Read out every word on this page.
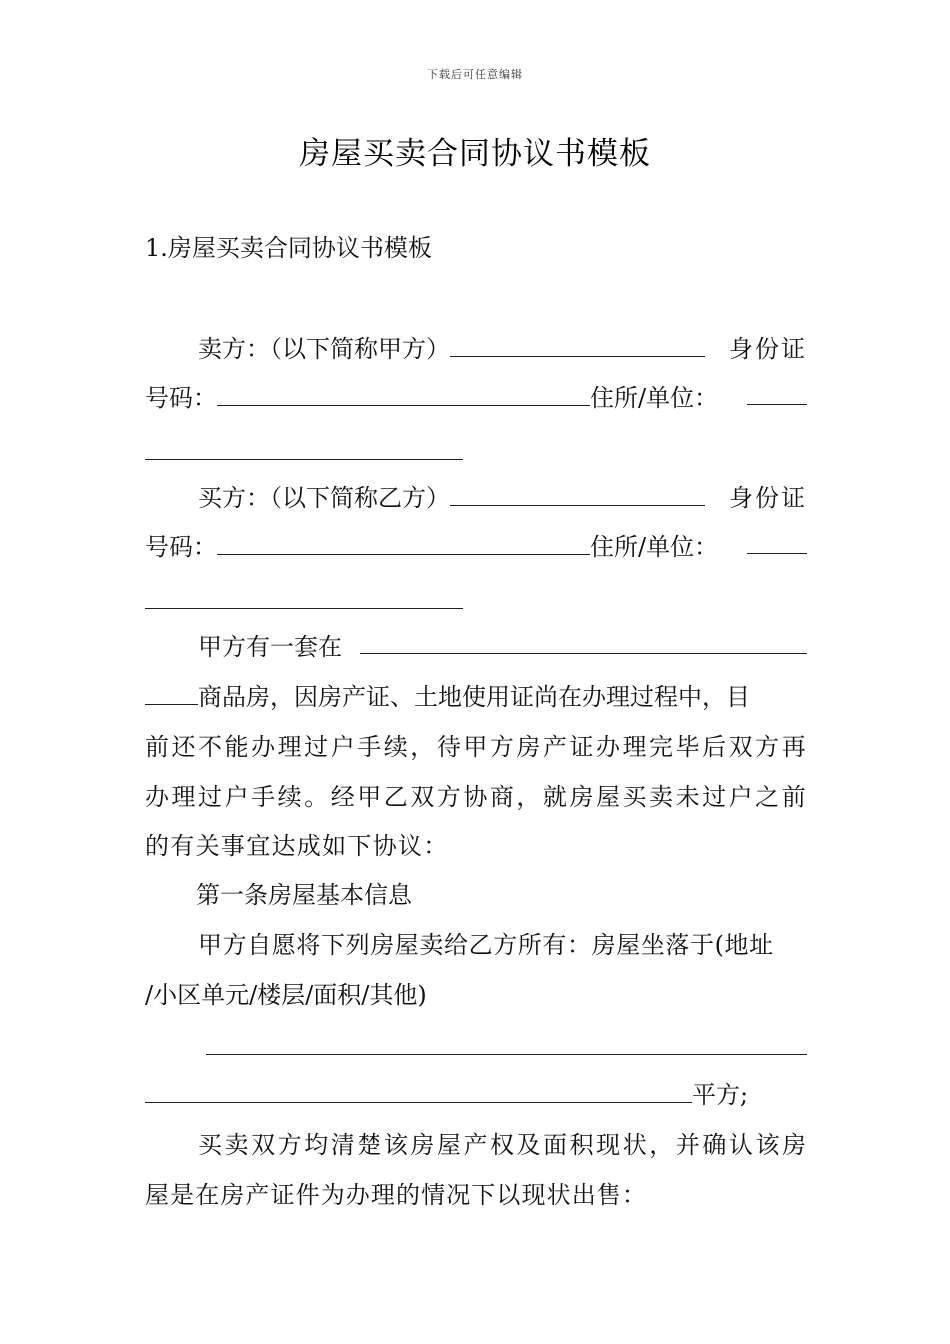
下载后可任意编辑
房屋买卖合同协议书模板
1.房屋买卖合同协议书模板
卖方：（以下简称甲方）	身份证
号码：	住所/单位：
买方：（以下简称乙方）	身份证
号码：	住所/单位：
甲方有一套在
商品房，因房产证、土地使用证尚在办理过程中，目
前还不能办理过户手续，待甲方房产证办理完毕后双方再
办理过户手续。经甲乙双方协商，就房屋买卖未过户之前
的有关事宜达成如下协议：
第一条房屋基本信息
甲方自愿将下列房屋卖给乙方所有：房屋坐落于(地址
/小区单元/楼层/面积/其他)
平方;
买卖双方均清楚该房屋产权及面积现状，并确认该房
屋是在房产证件为办理的情况下以现状出售：
